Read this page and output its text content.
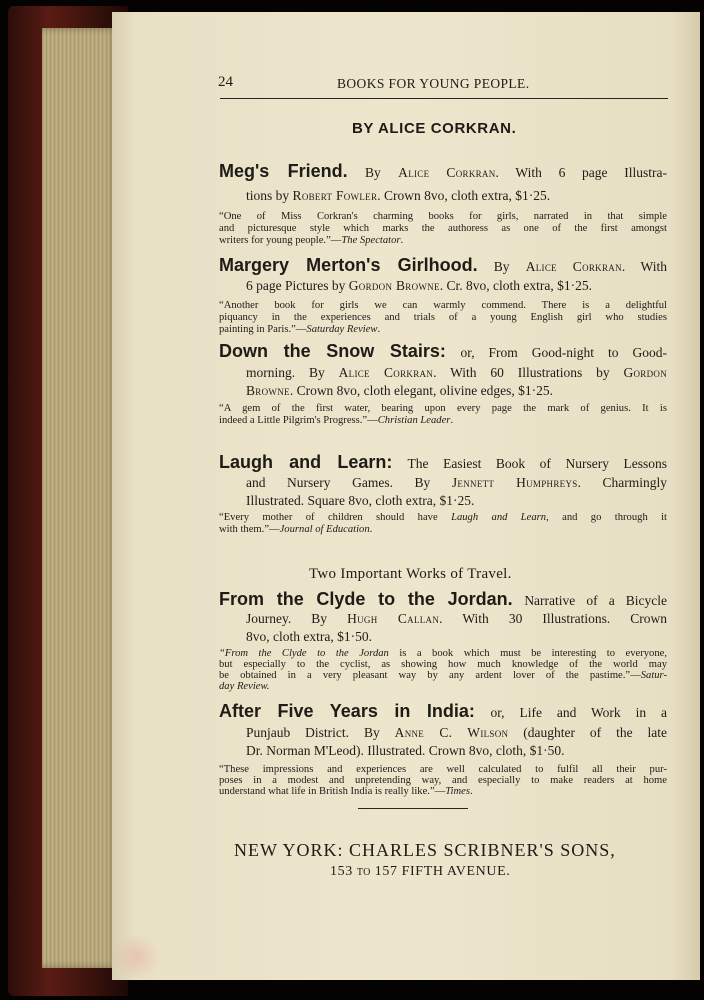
24	BOOKS FOR YOUNG PEOPLE.
BY ALICE CORKRAN.
Meg's Friend. By Alice Corkran. With 6 page Illustra-
tions by Robert Fowler. Crown 8vo, cloth extra, $1·25.
“One of Miss Corkran's charming books for girls, narrated in that simple
and picturesque style which marks the authoress as one of the first amongst
writers for young people.”—The Spectator.
Margery Merton's Girlhood. By Alice Corkran. With
6 page Pictures by Gordon Browne. Cr. 8vo, cloth extra, $1·25.
“Another book for girls we can warmly commend. There is a delightful
piquancy in the experiences and trials of a young English girl who studies
painting in Paris.”—Saturday Review.
Down the Snow Stairs: or, From Good-night to Good-
morning. By Alice Corkran. With 60 Illustrations by Gordon
Browne. Crown 8vo, cloth elegant, olivine edges, $1·25.
“A gem of the first water, bearing upon every page the mark of genius. It is
indeed a Little Pilgrim's Progress.”—Christian Leader.
Laugh and Learn: The Easiest Book of Nursery Lessons
and Nursery Games. By Jennett Humphreys. Charmingly
Illustrated. Square 8vo, cloth extra, $1·25.
“Every mother of children should have Laugh and Learn, and go through it
with them.”—Journal of Education.
Two Important Works of Travel.
From the Clyde to the Jordan. Narrative of a Bicycle
Journey. By Hugh Callan. With 30 Illustrations. Crown
8vo, cloth extra, $1·50.
“From the Clyde to the Jordan is a book which must be interesting to everyone,
but especially to the cyclist, as showing how much knowledge of the world may
be obtained in a very pleasant way by any ardent lover of the pastime.”—Satur-
day Review.
After Five Years in India: or, Life and Work in a
Punjaub District. By Anne C. Wilson (daughter of the late
Dr. Norman M'Leod). Illustrated. Crown 8vo, cloth, $1·50.
“These impressions and experiences are well calculated to fulfil all their pur-
poses in a modest and unpretending way, and especially to make readers at home
understand what life in British India is really like.”—Times.
NEW YORK: CHARLES SCRIBNER'S SONS,
153 to 157 FIFTH AVENUE.
